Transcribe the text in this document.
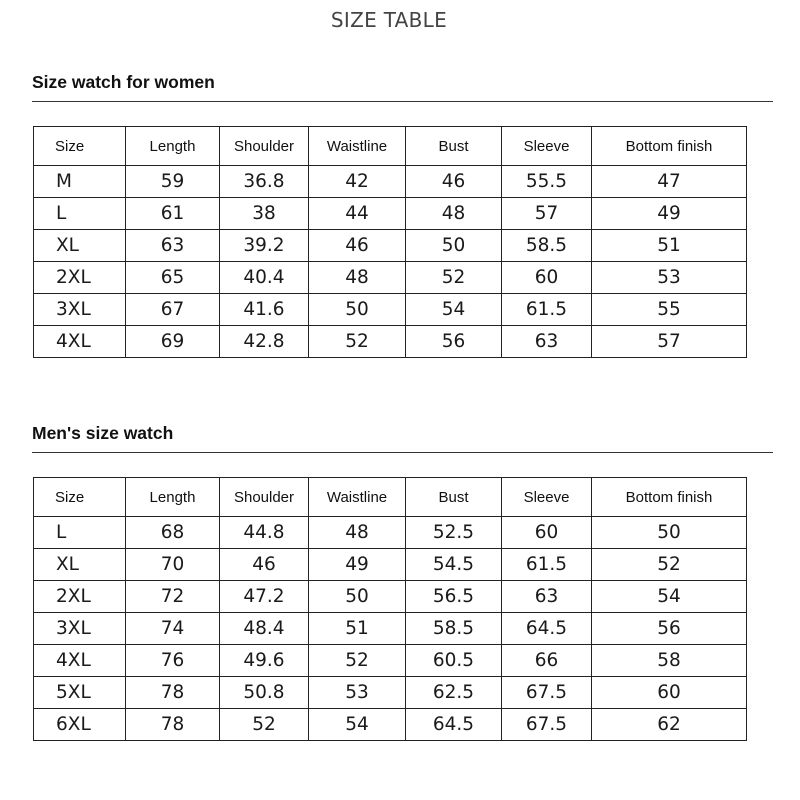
SIZE TABLE
Size watch for women
Size	Length	Shoulder	Waistline	Bust	Sleeve	Bottom finish
M	59	36.8	42	46	55.5	47
L	61	38	44	48	57	49
XL	63	39.2	46	50	58.5	51
2XL	65	40.4	48	52	60	53
3XL	67	41.6	50	54	61.5	55
4XL	69	42.8	52	56	63	57
Men's size watch
Size	Length	Shoulder	Waistline	Bust	Sleeve	Bottom finish
L	68	44.8	48	52.5	60	50
XL	70	46	49	54.5	61.5	52
2XL	72	47.2	50	56.5	63	54
3XL	74	48.4	51	58.5	64.5	56
4XL	76	49.6	52	60.5	66	58
5XL	78	50.8	53	62.5	67.5	60
6XL	78	52	54	64.5	67.5	62
